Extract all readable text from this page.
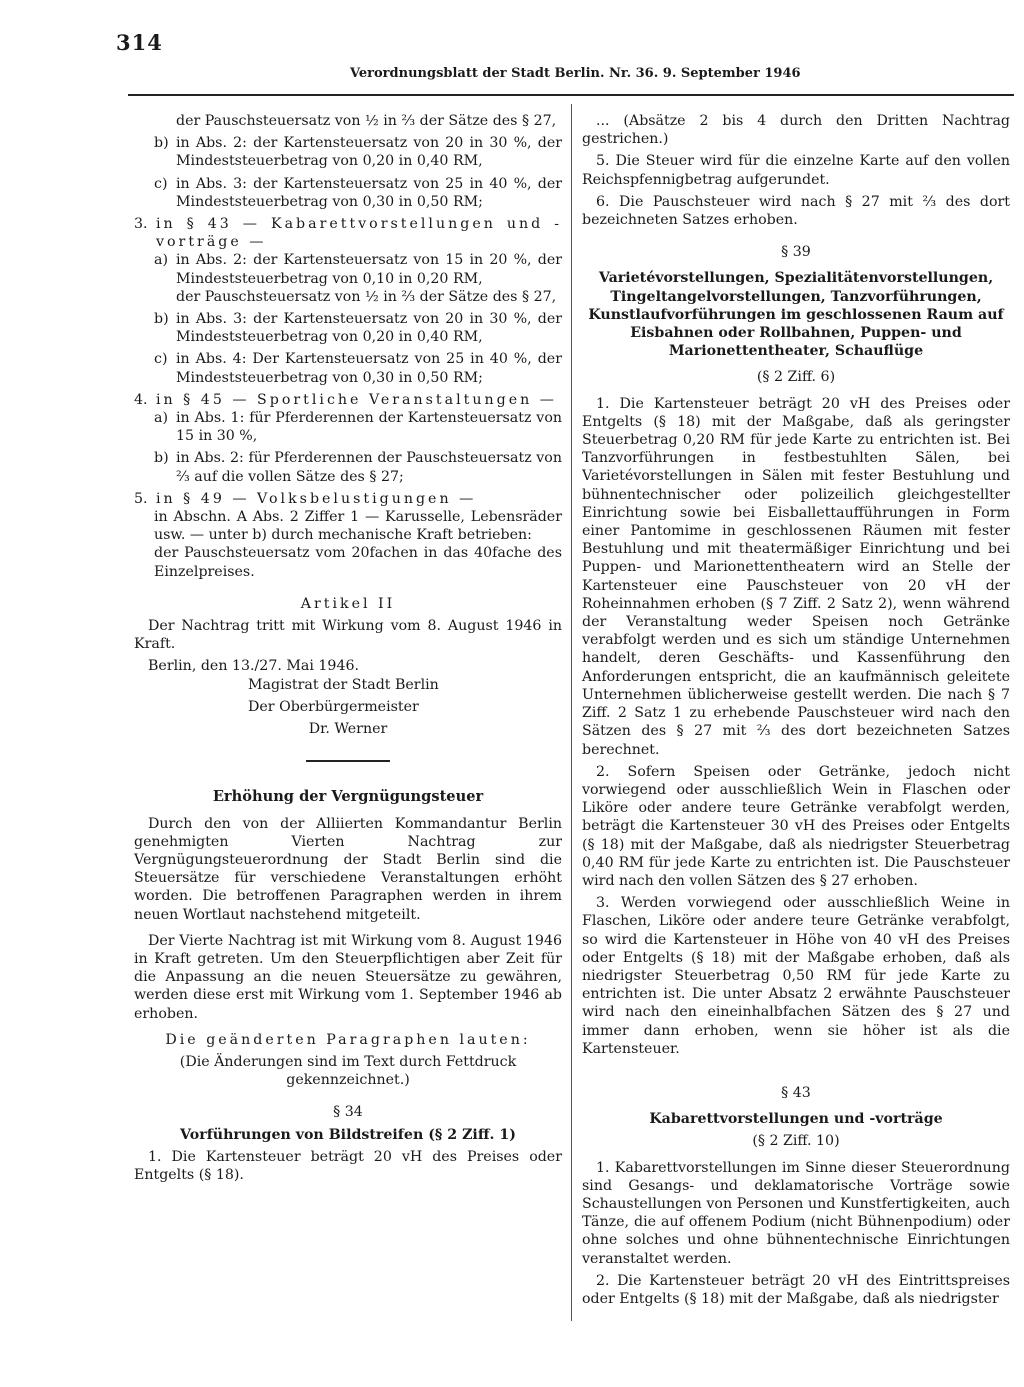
314
Verordnungsblatt der Stadt Berlin. Nr. 36. 9. September 1946

der Pauschsteuersatz von ½ in ⅔ der Sätze des § 27,

b) in Abs. 2: der Kartensteuersatz von 20 in 30 %, der Mindeststeuerbetrag von 0,20 in 0,40 RM,
c) in Abs. 3: der Kartensteuersatz von 25 in 40 %, der Mindeststeuerbetrag von 0,30 in 0,50 RM;
3. in § 43 — Kabarettvorstellungen und -vorträge —
a) in Abs. 2: der Kartensteuersatz von 15 in 20 %, der Mindeststeuerbetrag von 0,10 in 0,20 RM,

der Pauschsteuersatz von ½ in ⅔ der Sätze des § 27,

b) in Abs. 3: der Kartensteuersatz von 20 in 30 %, der Mindeststeuerbetrag von 0,20 in 0,40 RM,
c) in Abs. 4: Der Kartensteuersatz von 25 in 40 %, der Mindeststeuerbetrag von 0,30 in 0,50 RM;
4. in § 45 — Sportliche Veranstaltungen —
a) in Abs. 1: für Pferderennen der Kartensteuersatz von 15 in 30 %,
b) in Abs. 2: für Pferderennen der Pauschsteuersatz von ⅔ auf die vollen Sätze des § 27;
5. in § 49 — Volksbelustigungen —

in Abschn. A Abs. 2 Ziffer 1 — Karusselle, Lebensräder usw. — unter b) durch mechanische Kraft betrieben:

der Pauschsteuersatz vom 20fachen in das 40fache des Einzelpreises.

Artikel II

Der Nachtrag tritt mit Wirkung vom 8. August 1946 in Kraft.

Berlin, den 13./27. Mai 1946.

Magistrat der Stadt Berlin

Der Oberbürgermeister

Dr. Werner

Erhöhung der Vergnügungsteuer

Durch den von der Alliierten Kommandantur Berlin genehmigten Vierten Nachtrag zur Vergnügungsteuerordnung der Stadt Berlin sind die Steuersätze für verschiedene Veranstaltungen erhöht worden. Die betroffenen Paragraphen werden in ihrem neuen Wortlaut nachstehend mitgeteilt.

Der Vierte Nachtrag ist mit Wirkung vom 8. August 1946 in Kraft getreten. Um den Steuerpflichtigen aber Zeit für die Anpassung an die neuen Steuersätze zu gewähren, werden diese erst mit Wirkung vom 1. September 1946 ab erhoben.

Die geänderten Paragraphen lauten:

(Die Änderungen sind im Text durch Fettdruck gekennzeichnet.)

§ 34

Vorführungen von Bildstreifen (§ 2 Ziff. 1)

1. Die Kartensteuer beträgt 20 vH des Preises oder Entgelts (§ 18).

... (Absätze 2 bis 4 durch den Dritten Nachtrag gestrichen.)

5. Die Steuer wird für die einzelne Karte auf den vollen Reichspfennigbetrag aufgerundet.

6. Die Pauschsteuer wird nach § 27 mit ⅔ des dort bezeichneten Satzes erhoben.

§ 39

Varietévorstellungen, Spezialitätenvorstellungen, Tingeltangelvorstellungen, Tanzvorführungen, Kunstlaufvorführungen im geschlossenen Raum auf Eisbahnen oder Rollbahnen, Puppen- und Marionettentheater, Schauflüge

(§ 2 Ziff. 6)

1. Die Kartensteuer beträgt 20 vH des Preises oder Entgelts (§ 18) mit der Maßgabe, daß als geringster Steuerbetrag 0,20 RM für jede Karte zu entrichten ist. Bei Tanzvorführungen in festbestuhlten Sälen, bei Varietévorstellungen in Sälen mit fester Bestuhlung und bühnentechnischer oder polizeilich gleichgestellter Einrichtung sowie bei Eisballettaufführungen in Form einer Pantomime in geschlossenen Räumen mit fester Bestuhlung und mit theatermäßiger Einrichtung und bei Puppen- und Marionettentheatern wird an Stelle der Kartensteuer eine Pauschsteuer von 20 vH der Roheinnahmen erhoben (§ 7 Ziff. 2 Satz 2), wenn während der Veranstaltung weder Speisen noch Getränke verabfolgt werden und es sich um ständige Unternehmen handelt, deren Geschäfts- und Kassenführung den Anforderungen entspricht, die an kaufmännisch geleitete Unternehmen üblicherweise gestellt werden. Die nach § 7 Ziff. 2 Satz 1 zu erhebende Pauschsteuer wird nach den Sätzen des § 27 mit ⅔ des dort bezeichneten Satzes berechnet.

2. Sofern Speisen oder Getränke, jedoch nicht vorwiegend oder ausschließlich Wein in Flaschen oder Liköre oder andere teure Getränke verabfolgt werden, beträgt die Kartensteuer 30 vH des Preises oder Entgelts (§ 18) mit der Maßgabe, daß als niedrigster Steuerbetrag 0,40 RM für jede Karte zu entrichten ist. Die Pauschsteuer wird nach den vollen Sätzen des § 27 erhoben.

3. Werden vorwiegend oder ausschließlich Weine in Flaschen, Liköre oder andere teure Getränke verabfolgt, so wird die Kartensteuer in Höhe von 40 vH des Preises oder Entgelts (§ 18) mit der Maßgabe erhoben, daß als niedrigster Steuerbetrag 0,50 RM für jede Karte zu entrichten ist. Die unter Absatz 2 erwähnte Pauschsteuer wird nach den eineinhalbfachen Sätzen des § 27 und immer dann erhoben, wenn sie höher ist als die Kartensteuer.

§ 43

Kabarettvorstellungen und -vorträge

(§ 2 Ziff. 10)

1. Kabarettvorstellungen im Sinne dieser Steuerordnung sind Gesangs- und deklamatorische Vorträge sowie Schaustellungen von Personen und Kunstfertigkeiten, auch Tänze, die auf offenem Podium (nicht Bühnenpodium) oder ohne solches und ohne bühnentechnische Einrichtungen veranstaltet werden.

2. Die Kartensteuer beträgt 20 vH des Eintrittspreises oder Entgelts (§ 18) mit der Maßgabe, daß als niedrigster
